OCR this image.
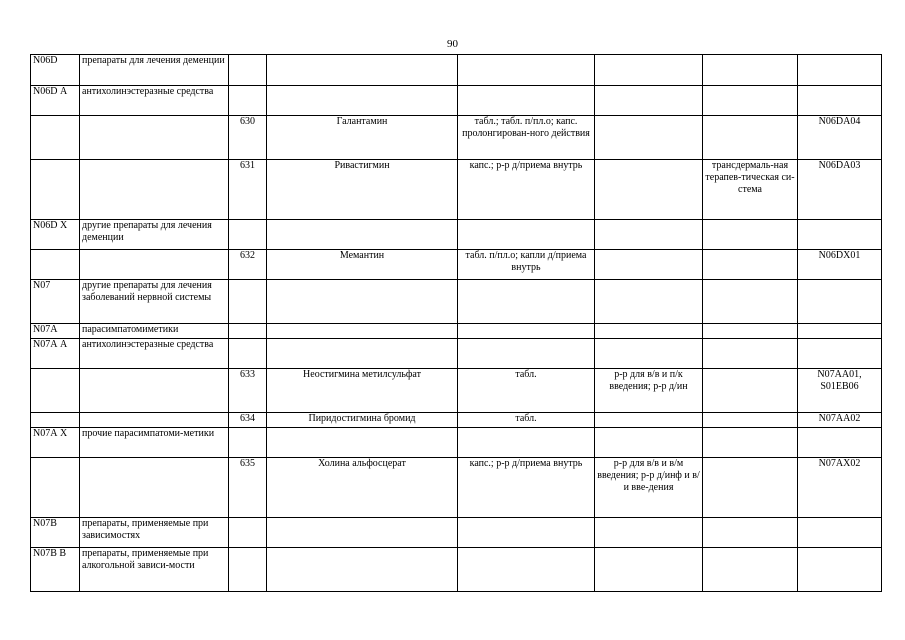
90
N06D	препараты для лечения деменции						
N06D А	антихолинэстеразные средства						
		630	Галантамин	табл.; табл. п/пл.о; капс. пролонгирован-ного действия			N06DA04
		631	Ривастигмин	капс.; р-р д/приема внутрь		трансдермаль-ная терапев-тическая си-стема	N06DA03
N06D Х	другие препараты для лечения деменции						
		632	Мемантин	табл. п/пл.о; капли д/приема внутрь			N06DX01
N07	другие препараты для лечения заболеваний нервной системы						
N07А	парасимпатомиметики						
N07А А	антихолинэстеразные средства						
		633	Неостигмина метилсульфат	табл.	р-р для в/в и п/к введения; р-р д/ин		N07AA01, S01EB06
		634	Пиридостигмина бромид	табл.			N07AA02
N07А Х	прочие парасимпатоми-метики						
		635	Холина альфосцерат	капс.; р-р д/приема внутрь	р-р для в/в и в/м введения; р-р д/инф и в/и вве-дения		N07AX02
N07В	препараты, применяемые при зависимостях						
N07В В	препараты, применяемые при алкогольной зависи-мости						
